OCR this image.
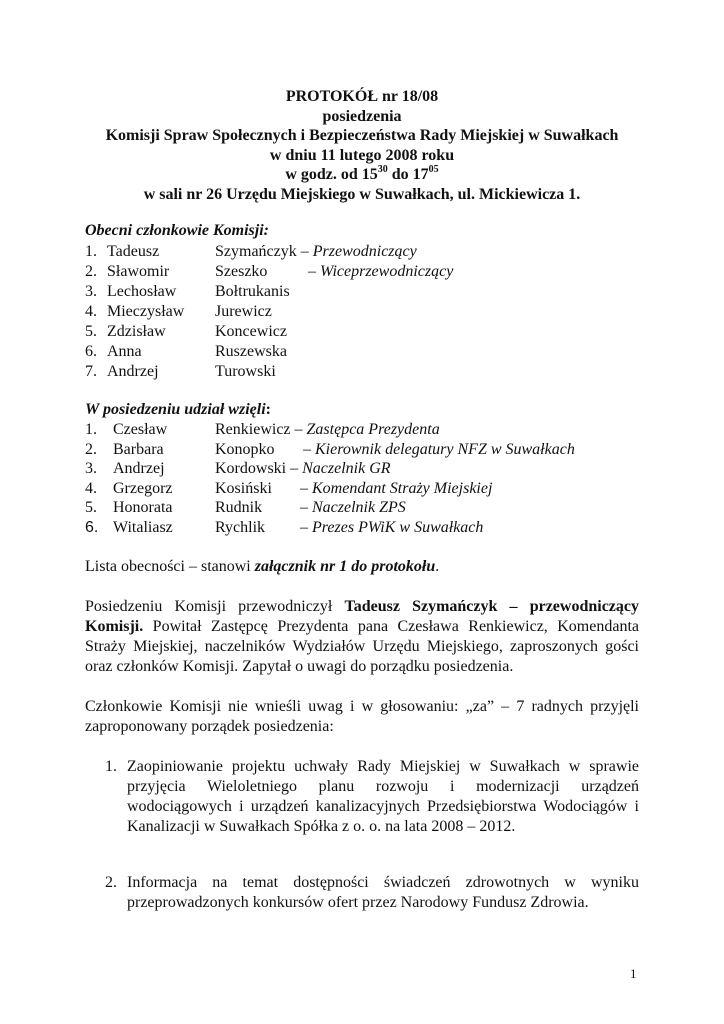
PROTOKÓŁ nr 18/08
posiedzenia
Komisji Spraw Społecznych i Bezpieczeństwa Rady Miejskiej w Suwałkach
w dniu 11 lutego 2008 roku
w godz. od $15^{30}$ do $17^{05}$
w sali nr 26 Urzędu Miejskiego w Suwałkach, ul. Mickiewicza 1.
Obecni członkowie Komisji:
1. Tadeusz	Szymańczyk – Przewodniczący
2. Sławomir	Szeszko	– Wiceprzewodniczący
3. Lechosław Bołtrukanis
4. Mieczysław Jurewicz
5. Zdzisław	Koncewicz
6. Anna	Ruszewska
7. Andrzej	Turowski
W posiedzeniu udział wzięli:
1. Czesław	Renkiewicz – Zastępca Prezydenta
2. Barbara	Konopko – Kierownik delegatury NFZ w Suwałkach
3. Andrzej	Kordowski – Naczelnik GR
4. Grzegorz	Kosiński – Komendant Straży Miejskiej
5. Honorata	Rudnik – Naczelnik ZPS
6. Witaliasz	Rychlik – Prezes PWiK w Suwałkach

Lista obecności – stanowi załącznik nr 1 do protokołu.

Posiedzeniu Komisji przewodniczył Tadeusz Szymańczyk – przewodniczący Komisji. Powitał Zastępcę Prezydenta pana Czesława Renkiewicz, Komendanta Straży Miejskiej, naczelników Wydziałów Urzędu Miejskiego, zaproszonych gości oraz członków Komisji. Zapytał o uwagi do porządku posiedzenia.

Członkowie Komisji nie wnieśli uwag i w głosowaniu: „za” – 7 radnych przyjęli zaproponowany porządek posiedzenia:

1. Zaopiniowanie projektu uchwały Rady Miejskiej w Suwałkach w sprawie przyjęcia Wieloletniego planu rozwoju i modernizacji urządzeń wodociągowych i urządzeń kanalizacyjnych Przedsiębiorstwa Wodociągów i Kanalizacji w Suwałkach Spółka z o. o. na lata 2008 – 2012.
2. Informacja na temat dostępności świadczeń zdrowotnych w wyniku przeprowadzonych konkursów ofert przez Narodowy Fundusz Zdrowia.
1
